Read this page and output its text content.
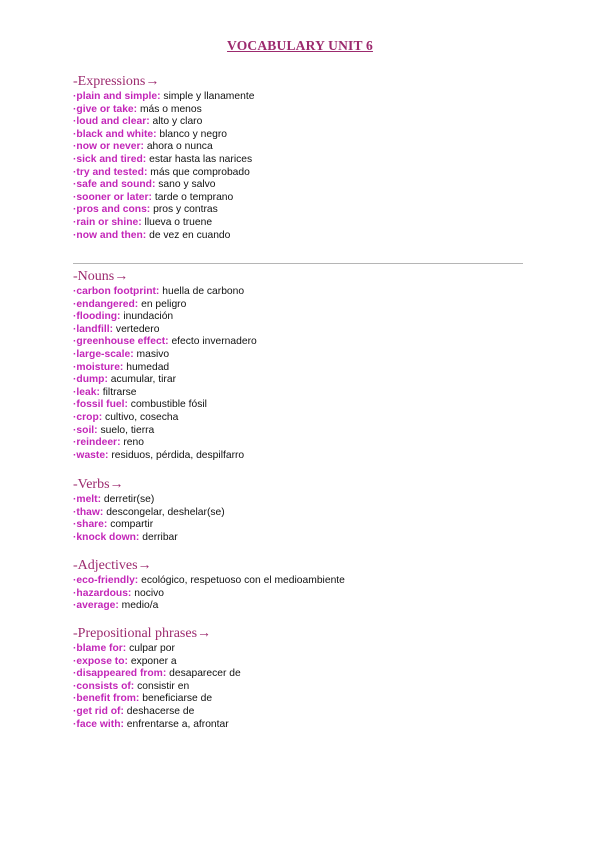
VOCABULARY UNIT 6
-Expressions→
·plain and simple: simple y llanamente
·give or take: más o menos
·loud and clear: alto y claro
·black and white: blanco y negro
·now or never: ahora o nunca
·sick and tired: estar hasta las narices
·try and tested: más que comprobado
·safe and sound: sano y salvo
·sooner or later: tarde o temprano
·pros and cons: pros y contras
·rain or shine: llueva o truene
·now and then: de vez en cuando
-Nouns→
·carbon footprint: huella de carbono
·endangered: en peligro
·flooding: inundación
·landfill: vertedero
·greenhouse effect: efecto invernadero
·large-scale: masivo
·moisture: humedad
·dump: acumular, tirar
·leak: filtrarse
·fossil fuel: combustible fósil
·crop: cultivo, cosecha
·soil: suelo, tierra
·reindeer: reno
·waste: residuos, pérdida, despilfarro
-Verbs→
·melt: derretir(se)
·thaw: descongelar, deshelar(se)
·share: compartir
·knock down: derribar
-Adjectives→
·eco-friendly: ecológico, respetuoso con el medioambiente
·hazardous: nocivo
·average: medio/a
-Prepositional phrases→
·blame for: culpar por
·expose to: exponer a
·disappeared from: desaparecer de
·consists of: consistir en
·benefit from: beneficiarse de
·get rid of: deshacerse de
·face with: enfrentarse a, afrontar
